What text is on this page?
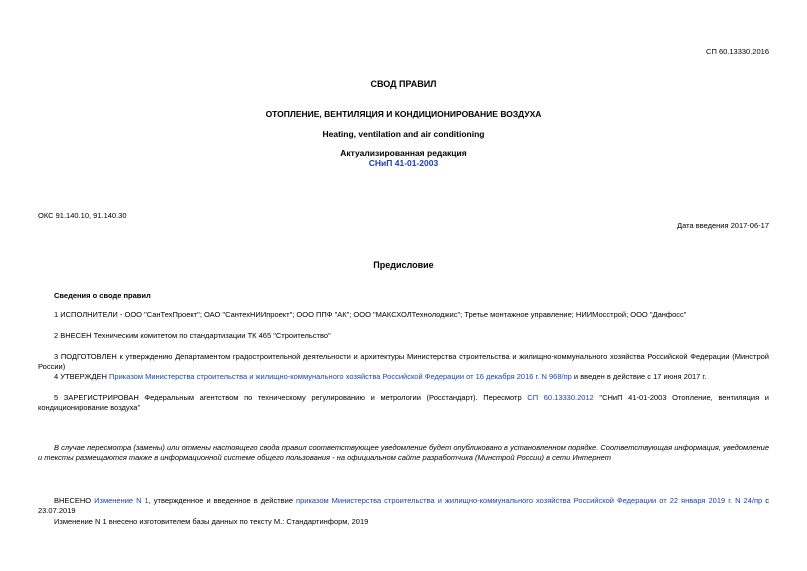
СП 60.13330.2016
СВОД ПРАВИЛ
ОТОПЛЕНИЕ, ВЕНТИЛЯЦИЯ И КОНДИЦИОНИРОВАНИЕ ВОЗДУХА
Heating, ventilation and air conditioning
Актуализированная редакция
СНиП 41-01-2003
ОКС 91.140.10, 91.140.30
Дата введения 2017-06-17
Предисловие
Сведения о своде правил
1 ИСПОЛНИТЕЛИ - ООО "СанТехПроект"; ОАО "СантехНИИпроект"; ООО ППФ "АК"; ООО "МАКСХОЛТехнолоджис"; Третье монтажное управление; НИИМосстрой; ООО "Данфосс"
2 ВНЕСЕН Техническим комитетом по стандартизации ТК 465 "Строительство"
3 ПОДГОТОВЛЕН к утверждению Департаментом градостроительной деятельности и архитектуры Министерства строительства и жилищно-коммунального хозяйства Российской Федерации (Минстрой России)
4 УТВЕРЖДЕН Приказом Министерства строительства и жилищно-коммунального хозяйства Российской Федерации от 16 декабря 2016 г. N 968/пр и введен в действие с 17 июня 2017 г.
5 ЗАРЕГИСТРИРОВАН Федеральным агентством по техническому регулированию и метрологии (Росстандарт). Пересмотр СП 60.13330.2012 "СНиП 41-01-2003 Отопление, вентиляция и кондиционирование воздуха"
В случае пересмотра (замены) или отмены настоящего свода правил соответствующее уведомление будет опубликовано в установленном порядке. Соответствующая информация, уведомление и тексты размещаются также в информационной системе общего пользования - на официальном сайте разработчика (Минстрой России) в сети Интернет
ВНЕСЕНО Изменение N 1, утвержденное и введенное в действие приказом Министерства строительства и жилищно-коммунального хозяйства Российской Федерации от 22 января 2019 г. N 24/пр с 23.07.2019
Изменение N 1 внесено изготовителем базы данных по тексту М.: Стандартинформ, 2019
